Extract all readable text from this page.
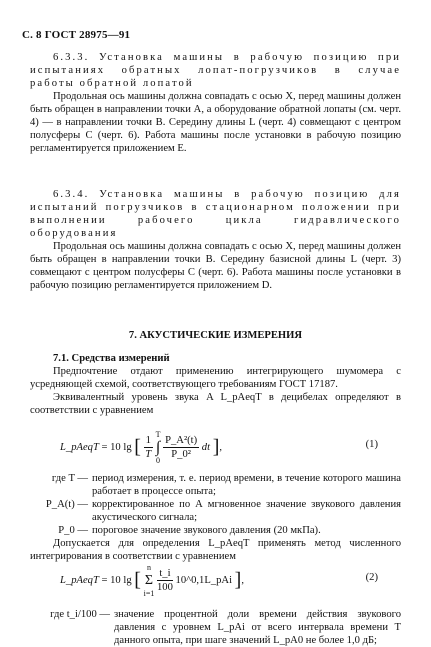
С. 8 ГОСТ 28975—91

6.3.3. Установка машины в рабочую позицию при испытаниях обратных лопат-погрузчиков в случае работы обратной лопатой

Продольная ось машины должна совпадать с осью X, перед машины должен быть обращен в направлении точки A, а оборудование обратной лопаты (см. черт. 4) — в направлении точки B. Середину длины L (черт. 4) совмещают с центром полусферы C (черт. 6). Работа машины после установки в рабочую позицию регламентируется приложением E.

6.3.4. Установка машины в рабочую позицию для испытаний погрузчиков в стационарном положении при выполнении рабочего цикла гидравлического оборудования

Продольная ось машины должна совпадать с осью X, перед машины должен быть обращен в направлении точки B. Середину базисной длины L (черт. 3) совмещают с центром полусферы C (черт. 6). Работа машины после установки в рабочую позицию регламентируется приложением D.

7. АКУСТИЧЕСКИЕ ИЗМЕРЕНИЯ

7.1. Средства измерений

Предпочтение отдают применению интегрирующего шумомера с усредняющей схемой, соответствующего требованиям ГОСТ 17187.

Эквивалентный уровень звука A L_pAeqT в децибелах определяют в соответствии с уравнением

L_pAeqT = 10 lg [ $\frac{1}{T}$
T
∫
0
$\frac{\text{P\_A²(t)}}{\text{P\_0²}}$ dt ],	(1)
где T — период измерения, т. е. период времени, в течение которого машина работает в процессе опыта;
P_A(t) — корректированное по А мгновенное значение звукового давления акустического сигнала;
P_0 — пороговое значение звукового давления (20 мкПа).

Допускается для определения L_pAeqT применять метод численного интегрирования в соответствии с уравнением

L_pAeqT = 10 lg [
n
Σ
i=1
$\frac{t\_i}{100}$ 10^0,1L_pAi ],	(2)
где t_i/100 — значение процентной доли времени действия звукового давления с уровнем L_pAi от всего интервала времени T данного опыта, при шаге значений L_pA0 не более 1,0 дБ;
